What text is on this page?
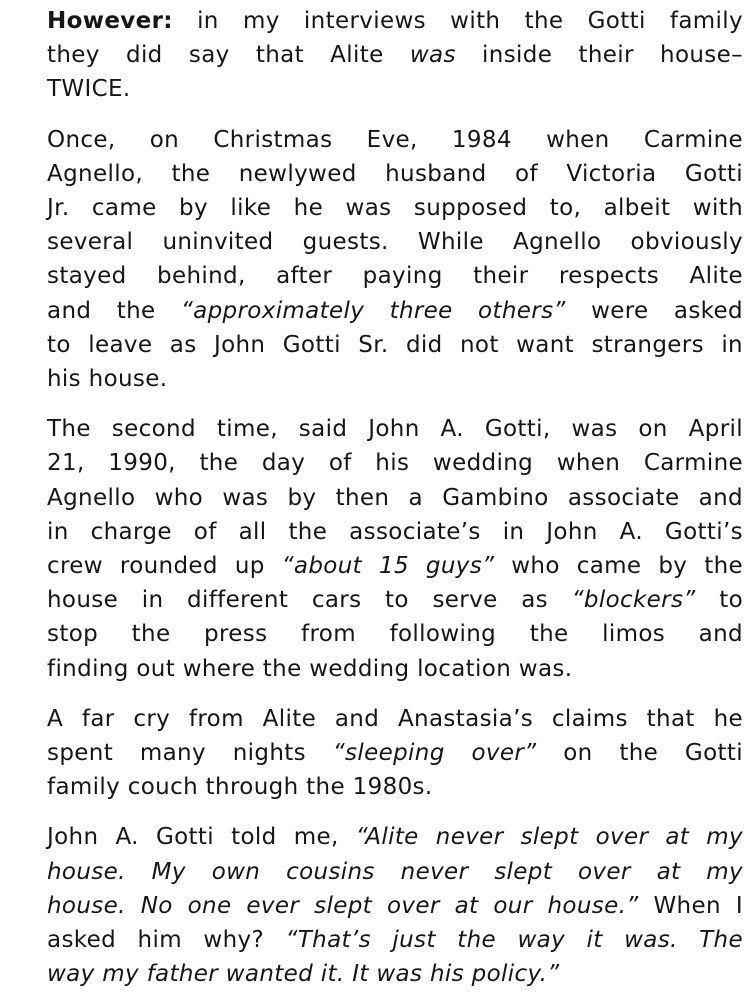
However: in my interviews with the Gotti family
they did say that Alite was inside their house–
TWICE.
Once, on Christmas Eve, 1984 when Carmine
Agnello, the newlywed husband of Victoria Gotti
Jr. came by like he was supposed to, albeit with
several uninvited guests. While Agnello obviously
stayed behind, after paying their respects Alite
and the “approximately three others” were asked
to leave as John Gotti Sr. did not want strangers in
his house.
The second time, said John A. Gotti, was on April
21, 1990, the day of his wedding when Carmine
Agnello who was by then a Gambino associate and
in charge of all the associate’s in John A. Gotti’s
crew rounded up “about 15 guys” who came by the
house in different cars to serve as “blockers” to
stop the press from following the limos and
finding out where the wedding location was.
A far cry from Alite and Anastasia’s claims that he
spent many nights “sleeping over” on the Gotti
family couch through the 1980s.
John A. Gotti told me, “Alite never slept over at my
house. My own cousins never slept over at my
house. No one ever slept over at our house.” When I
asked him why? “That’s just the way it was. The
way my father wanted it. It was his policy.”
